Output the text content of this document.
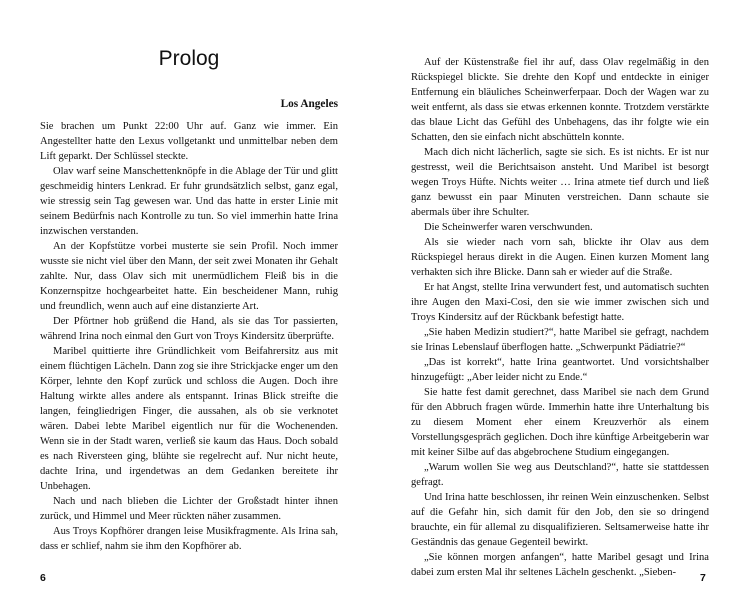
Prolog
Los Angeles

Sie brachen um Punkt 22:00 Uhr auf. Ganz wie immer. Ein Angestellter hatte den Lexus vollgetankt und unmittelbar neben dem Lift geparkt. Der Schlüssel steckte.

Olav warf seine Manschettenknöpfe in die Ablage der Tür und glitt geschmeidig hinters Lenkrad. Er fuhr grundsätzlich selbst, ganz egal, wie stressig sein Tag gewesen war. Und das hatte in erster Linie mit seinem Bedürfnis nach Kontrolle zu tun. So viel immerhin hatte Irina inzwischen verstanden.

An der Kopfstütze vorbei musterte sie sein Profil. Noch immer wusste sie nicht viel über den Mann, der seit zwei Monaten ihr Gehalt zahlte. Nur, dass Olav sich mit unermüdlichem Fleiß bis in die Konzernspitze hochgearbeitet hatte. Ein bescheidener Mann, ruhig und freundlich, wenn auch auf eine distanzierte Art.

Der Pförtner hob grüßend die Hand, als sie das Tor passierten, während Irina noch einmal den Gurt von Troys Kindersitz überprüfte.

Maribel quittierte ihre Gründlichkeit vom Beifahrersitz aus mit einem flüchtigen Lächeln. Dann zog sie ihre Strickjacke enger um den Körper, lehnte den Kopf zurück und schloss die Augen. Doch ihre Haltung wirkte alles andere als entspannt. Irinas Blick streifte die langen, feingliedrigen Finger, die aussahen, als ob sie verknotet wären. Dabei lebte Maribel eigentlich nur für die Wochenenden. Wenn sie in der Stadt waren, verließ sie kaum das Haus. Doch sobald es nach Riversteen ging, blühte sie regelrecht auf. Nur nicht heute, dachte Irina, und irgendetwas an dem Gedanken bereitete ihr Unbehagen.

Nach und nach blieben die Lichter der Großstadt hinter ihnen zurück, und Himmel und Meer rückten näher zusammen.

Aus Troys Kopfhörer drangen leise Musikfragmente. Als Irina sah, dass er schlief, nahm sie ihm den Kopfhörer ab.

6

Auf der Küstenstraße fiel ihr auf, dass Olav regelmäßig in den Rückspiegel blickte. Sie drehte den Kopf und entdeckte in einiger Entfernung ein bläuliches Scheinwerferpaar. Doch der Wagen war zu weit entfernt, als dass sie etwas erkennen konnte. Trotzdem verstärkte das blaue Licht das Gefühl des Unbehagens, das ihr folgte wie ein Schatten, den sie einfach nicht abschütteln konnte.

Mach dich nicht lächerlich, sagte sie sich. Es ist nichts. Er ist nur gestresst, weil die Berichtsaison ansteht. Und Maribel ist besorgt wegen Troys Hüfte. Nichts weiter … Irina atmete tief durch und ließ ganz bewusst ein paar Minuten verstreichen. Dann schaute sie abermals über ihre Schulter.

Die Scheinwerfer waren verschwunden.

Als sie wieder nach vorn sah, blickte ihr Olav aus dem Rückspiegel heraus direkt in die Augen. Einen kurzen Moment lang verhakten sich ihre Blicke. Dann sah er wieder auf die Straße.

Er hat Angst, stellte Irina verwundert fest, und automatisch suchten ihre Augen den Maxi-Cosi, den sie wie immer zwischen sich und Troys Kindersitz auf der Rückbank befestigt hatte.

„Sie haben Medizin studiert?“, hatte Maribel sie gefragt, nachdem sie Irinas Lebenslauf überflogen hatte. „Schwerpunkt Pädiatrie?“

„Das ist korrekt“, hatte Irina geantwortet. Und vorsichtshalber hinzugefügt: „Aber leider nicht zu Ende.“

Sie hatte fest damit gerechnet, dass Maribel sie nach dem Grund für den Abbruch fragen würde. Immerhin hatte ihre Unterhaltung bis zu diesem Moment eher einem Kreuzverhör als einem Vorstellungsgespräch geglichen. Doch ihre künftige Arbeitgeberin war mit keiner Silbe auf das abgebrochene Studium eingegangen.

„Warum wollen Sie weg aus Deutschland?“, hatte sie stattdessen gefragt.

Und Irina hatte beschlossen, ihr reinen Wein einzuschenken. Selbst auf die Gefahr hin, sich damit für den Job, den sie so dringend brauchte, ein für allemal zu disqualifizieren. Seltsamerweise hatte ihr Geständnis das genaue Gegenteil bewirkt.

„Sie können morgen anfangen“, hatte Maribel gesagt und Irina dabei zum ersten Mal ihr seltenes Lächeln geschenkt. „Sieben-	7
